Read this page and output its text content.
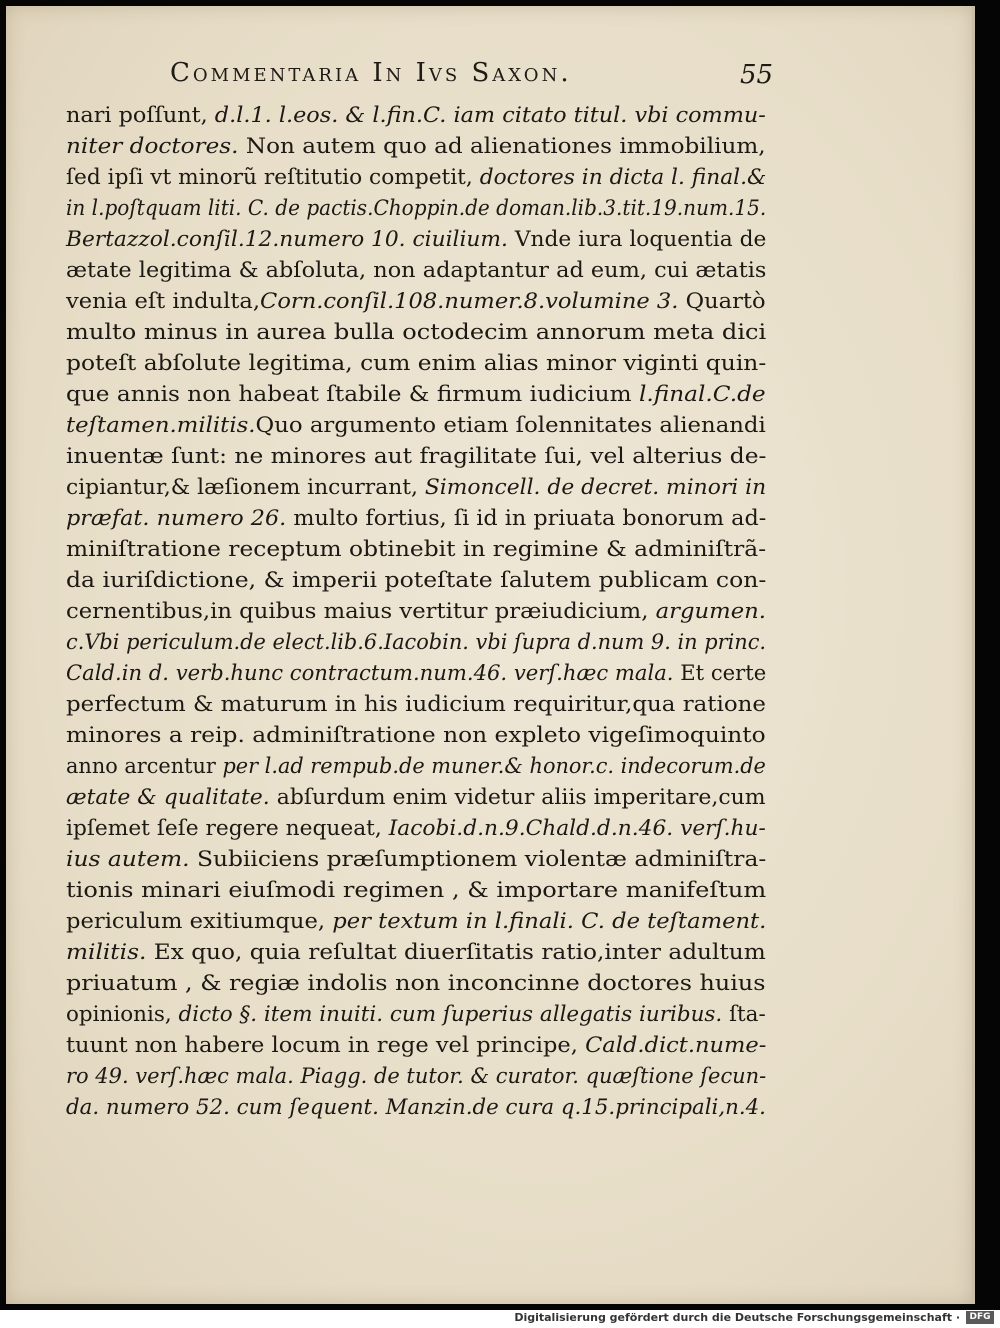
Commentaria In Ivs Saxon.	55
nari poſſunt, d.l.1. l.eos. & l.fin.C. iam citato titul. vbi commu-
niter doctores. Non autem quo ad alienationes immobilium,
ſed ipſi vt minorũ reſtitutio competit, doctores in dicta l. final.&
in l.poſtquam liti. C. de pactis.Choppin.de doman.lib.3.tit.19.num.15.
Bertazzol.conſil.12.numero 10. ciuilium. Vnde iura loquentia de
ætate legitima & abſoluta, non adaptantur ad eum, cui ætatis
venia eſt indulta,Corn.conſil.108.numer.8.volumine 3. Quartò
multo minus in aurea bulla octodecim annorum meta dici
poteſt abſolute legitima, cum enim alias minor viginti quin-
que annis non habeat ſtabile & firmum iudicium l.final.C.de
teſtamen.militis.Quo argumento etiam ſolennitates alienandi
inuentæ ſunt: ne minores aut fragilitate ſui, vel alterius de-
cipiantur,& læſionem incurrant, Simoncell. de decret. minori in
præfat. numero 26. multo fortius, ſi id in priuata bonorum ad-
miniſtratione receptum obtinebit in regimine & adminiſtrã-
da iuriſdictione, & imperii poteſtate ſalutem publicam con-
cernentibus,in quibus maius vertitur præiudicium, argumen.
c.Vbi periculum.de elect.lib.6.Iacobin. vbi ſupra d.num 9. in princ.
Cald.in d. verb.hunc contractum.num.46. verſ.hæc mala. Et certe
perfectum & maturum in his iudicium requiritur,qua ratione
minores a reip. adminiſtratione non expleto vigeſimoquinto
anno arcentur per l.ad rempub.de muner.& honor.c. indecorum.de
ætate & qualitate. abſurdum enim videtur aliis imperitare,cum
ipſemet ſeſe regere nequeat, Iacobi.d.n.9.Chald.d.n.46. verſ.hu-
ius autem. Subiiciens præſumptionem violentæ adminiſtra-
tionis minari eiuſmodi regimen , & importare manifeſtum
periculum exitiumque, per textum in l.finali. C. de teſtament.
militis. Ex quo, quia reſultat diuerſitatis ratio,inter adultum
priuatum , & regiæ indolis non inconcinne doctores huius
opinionis, dicto §. item inuiti. cum ſuperius allegatis iuribus. ſta-
tuunt non habere locum in rege vel principe, Cald.dict.nume-
ro 49. verſ.hæc mala. Piagg. de tutor. & curator. quæſtione ſecun-
da. numero 52. cum ſequent. Manzin.de cura q.15.principali,n.4.
Digitalisierung gefördert durch die Deutsche Forschungsgemeinschaft ·	DFG
